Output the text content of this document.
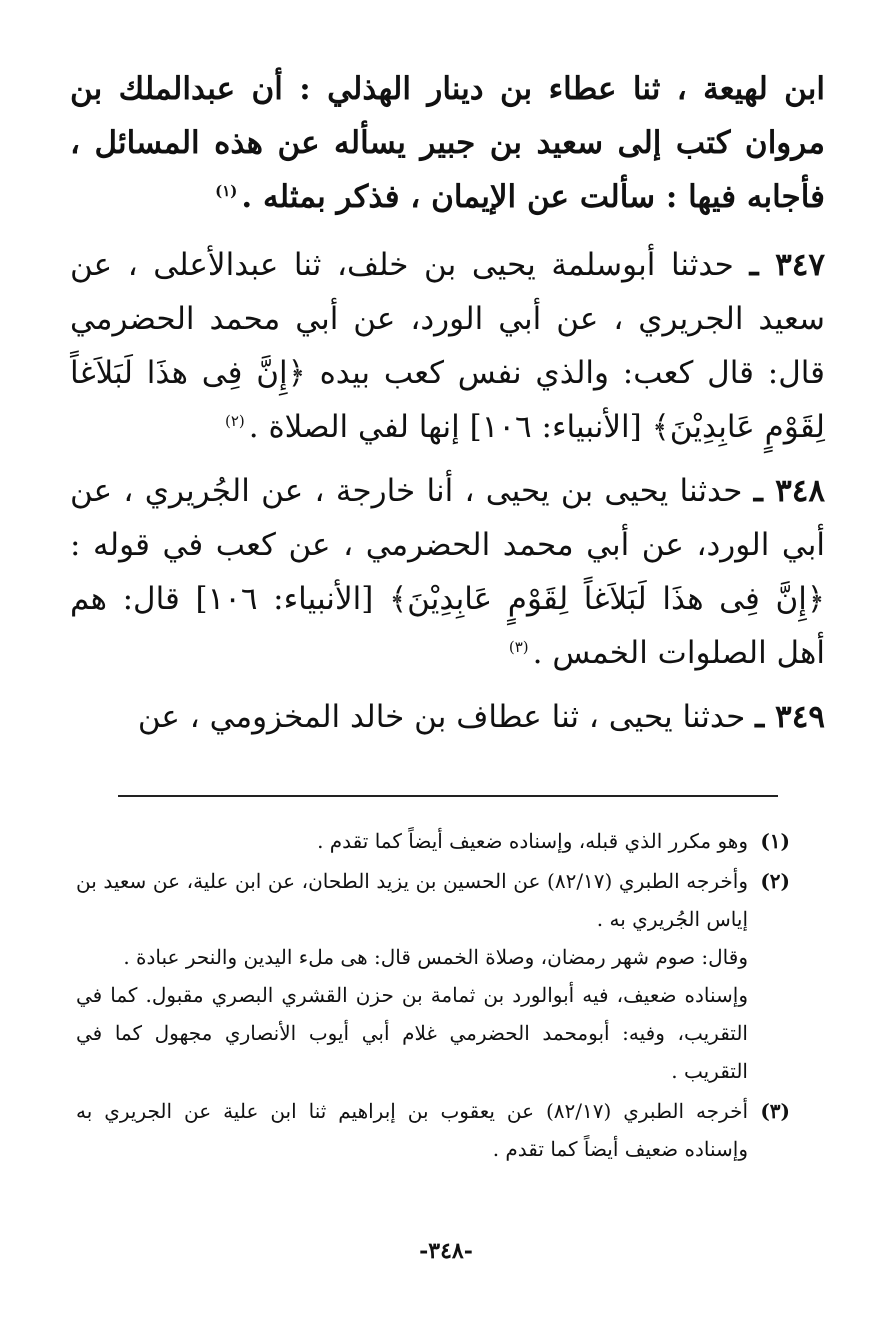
ابن لهيعة ، ثنا عطاء بن دينار الهذلي : أن عبدالملك بن مروان كتب إلى سعيد بن جبير يسأله عن هذه المسائل ، فأجابه فيها : سألت عن الإيمان ، فذكر بمثله .$^{(١)}$

٣٤٧ ـ حدثنا أبوسلمة يحيى بن خلف، ثنا عبدالأعلى ، عن سعيد الجريري ، عن أبي الورد، عن أبي محمد الحضرمي قال: قال كعب: والذي نفس كعب بيده ﴿إِنَّ فِى هذَا لَبَلاَغاً لِقَوْمٍ عَابِدِيْنَ﴾ [الأنبياء: ١٠٦] إنها لفي الصلاة .$^{(٢)}$

٣٤٨ ـ حدثنا يحيى بن يحيى ، أنا خارجة ، عن الجُريري ، عن أبي الورد، عن أبي محمد الحضرمي ، عن كعب في قوله : ﴿إِنَّ فِى هذَا لَبَلاَغاً لِقَوْمٍ عَابِدِيْنَ﴾ [الأنبياء: ١٠٦] قال: هم أهل الصلوات الخمس .$^{(٣)}$

٣٤٩ ـ حدثنا يحيى ، ثنا عطاف بن خالد المخزومي ، عن

(١)
وهو مكرر الذي قبله، وإسناده ضعيف أيضاً كما تقدم .
(٢)
وأخرجه الطبري (٨٢/١٧) عن الحسين بن يزيد الطحان، عن ابن علية، عن سعيد بن إياس الجُريري به .
وقال: صوم شهر رمضان، وصلاة الخمس قال: هى ملء اليدين والنحر عبادة .
وإسناده ضعيف، فيه أبوالورد بن ثمامة بن حزن القشري البصري مقبول. كما في التقريب، وفيه: أبومحمد الحضرمي غلام أبي أيوب الأنصاري مجهول كما في التقريب .
(٣)
أخرجه الطبري (٨٢/١٧) عن يعقوب بن إبراهيم ثنا ابن علية عن الجريري به وإسناده ضعيف أيضاً كما تقدم .
-٣٤٨-
